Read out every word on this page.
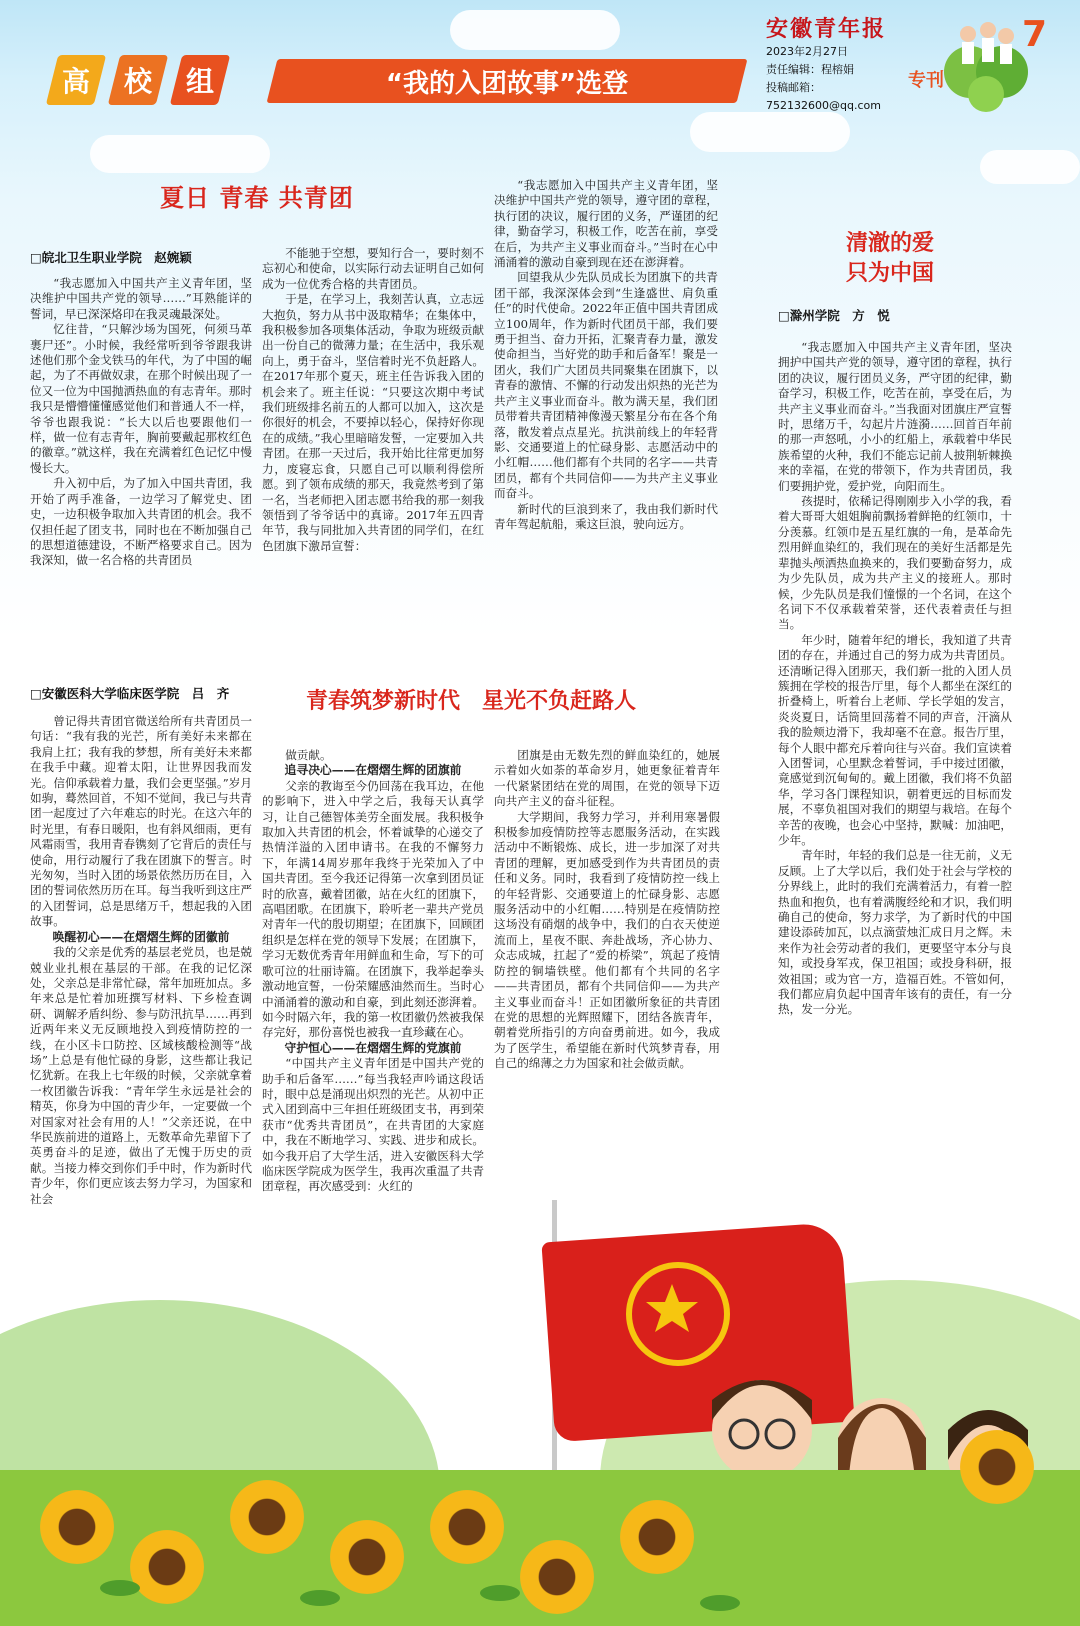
高 校 组	“我的入团故事”选登
安徽青年报
2023年2月27日
责任编辑：程榕娟
投稿邮箱：
752132600@qq.com
7
专刊
夏日 青春 共青团
□皖北卫生职业学院　赵婉颖

“我志愿加入中国共产主义青年团，坚决维护中国共产党的领导……”耳熟能详的誓词，早已深深烙印在我灵魂最深处。

忆往昔，“只解沙场为国死，何须马革裹尸还”。小时候，我经常听到爷爷跟我讲述他们那个金戈铁马的年代，为了中国的崛起，为了不再做奴隶，在那个时候出现了一位又一位为中国抛洒热血的有志青年。那时我只是懵懵懂懂感觉他们和普通人不一样，爷爷也跟我说：“长大以后也要跟他们一样，做一位有志青年，胸前要戴起那枚红色的徽章。”就这样，我在充满着红色记忆中慢慢长大。

升入初中后，为了加入中国共青团，我开始了两手准备，一边学习了解党史、团史，一边积极争取加入共青团的机会。我不仅担任起了团支书，同时也在不断加强自己的思想道德建设，不断严格要求自己。因为我深知，做一名合格的共青团员

不能驰于空想，要知行合一，要时刻不忘初心和使命，以实际行动去证明自己如何成为一位优秀合格的共青团员。

于是，在学习上，我刻苦认真，立志远大抱负，努力从书中汲取精华；在集体中，我积极参加各项集体活动，争取为班级贡献出一份自己的微薄力量；在生活中，我乐观向上，勇于奋斗，坚信着时光不负赶路人。在2017年那个夏天，班主任告诉我入团的机会来了。班主任说：“只要这次期中考试我们班级排名前五的人都可以加入，这次是你很好的机会，不要掉以轻心，保持好你现在的成绩。”我心里暗暗发誓，一定要加入共青团。在那一天过后，我开始比往常更加努力，废寝忘食，只愿自己可以顺利得偿所愿。到了领布成绩的那天，我竟然考到了第一名，当老师把入团志愿书给我的那一刻我领悟到了爷爷话中的真谛。2017年五四青年节，我与同批加入共青团的同学们，在红色团旗下激昂宣誓：

“我志愿加入中国共产主义青年团，坚决维护中国共产党的领导，遵守团的章程，执行团的决议，履行团的义务，严谨团的纪律，勤奋学习，积极工作，吃苦在前，享受在后，为共产主义事业而奋斗。”当时在心中涌涌着的激动自豪到现在还在澎湃着。

回望我从少先队员成长为团旗下的共青团干部，我深深体会到“生逢盛世、肩负重任”的时代使命。2022年正值中国共青团成立100周年，作为新时代团员干部，我们要勇于担当、奋力开拓，汇聚青春力量，激发使命担当，当好党的助手和后备军！聚是一团火，我们广大团员共同聚集在团旗下，以青春的激情、不懈的行动发出炽热的光芒为共产主义事业而奋斗。散为满天星，我们团员带着共青团精神像漫天繁星分布在各个角落，散发着点点星光。抗洪前线上的年轻背影、交通要道上的忙碌身影、志愿活动中的小红帽……他们都有个共同的名字——共青团员，都有个共同信仰——为共产主义事业而奋斗。

新时代的巨浪到来了，我由我们新时代青年驾起航船，乘这巨浪，驶向远方。

清澈的爱
只为中国
□滁州学院　方　悦

“我志愿加入中国共产主义青年团，坚决拥护中国共产党的领导，遵守团的章程，执行团的决议，履行团员义务，严守团的纪律，勤奋学习，积极工作，吃苦在前，享受在后，为共产主义事业而奋斗。”当我面对团旗庄严宣誓时，思绪万千，勾起片片涟漪……回首百年前的那一声怒吼，小小的红船上，承载着中华民族希望的火种，我们不能忘记前人披荆斩棘换来的幸福，在党的带领下，作为共青团员，我们要拥护党，爱护党，向阳而生。

孩提时，依稀记得刚刚步入小学的我，看着大哥哥大姐姐胸前飘扬着鲜艳的红领巾，十分羡慕。红领巾是五星红旗的一角，是革命先烈用鲜血染红的，我们现在的美好生活都是先辈抛头颅洒热血换来的，我们要勤奋努力，成为少先队员，成为共产主义的接班人。那时候，少先队员是我们憧憬的一个名词，在这个名词下不仅承载着荣誉，还代表着责任与担当。

年少时，随着年纪的增长，我知道了共青团的存在，并通过自己的努力成为共青团员。还清晰记得入团那天，我们新一批的入团人员簇拥在学校的报告厅里，每个人都坐在深红的折叠椅上，听着台上老师、学长学姐的发言，炎炎夏日，话筒里回荡着不同的声音，汗滴从我的脸颊边滑下，我却毫不在意。报告厅里，每个人眼中都充斥着向往与兴奋。我们宣读着入团誓词，心里默念着誓词，手中接过团徽，竟感觉到沉甸甸的。戴上团徽，我们将不负韶华，学习各门课程知识，朝着更远的目标而发展，不辜负祖国对我们的期望与栽培。在每个辛苦的夜晚，也会心中坚持，默喊：加油吧，少年。

青年时，年轻的我们总是一往无前，义无反顾。上了大学以后，我们处于社会与学校的分界线上，此时的我们充满着活力，有着一腔热血和抱负，也有着满腹经纶和才识，我们明确自己的使命，努力求学，为了新时代的中国建设添砖加瓦，以点滴萤烛汇成日月之辉。未来作为社会劳动者的我们，更要坚守本分与良知，或投身军戎，保卫祖国；或投身科研，报效祖国；或为官一方，造福百姓。不管如何，我们都应肩负起中国青年该有的责任，有一分热，发一分光。

□安徽医科大学临床医学院　吕　齐	青春筑梦新时代　星光不负赶路人

曾记得共青团官微送给所有共青团员一句话：“我有我的光芒，所有美好未来都在我肩上扛；我有我的梦想，所有美好未来都在我手中藏。迎着太阳，让世界因我而发光。信仰承载着力量，我们会更坚强。”岁月如驹，蓦然回首，不知不觉间，我已与共青团一起度过了六年难忘的时光。在这六年的时光里，有春日暖阳，也有斜风细雨，更有风霜雨雪，我用青春镌刻了它背后的责任与使命，用行动履行了我在团旗下的誓言。时光匆匆，当时入团的场景依然历历在目，入团的誓词依然历历在耳。每当我听到这庄严的入团誓词，总是思绪万千，想起我的入团故事。

唤醒初心——在熠熠生辉的团徽前

我的父亲是优秀的基层老党员，也是兢兢业业扎根在基层的干部。在我的记忆深处，父亲总是非常忙碌，常年加班加点。多年来总是忙着加班撰写材料、下乡检查调研、调解矛盾纠纷、参与防汛抗旱……再到近两年来义无反顾地投入到疫情防控的一线，在小区卡口防控、区域核酸检测等“战场”上总是有他忙碌的身影，这些都让我记忆犹新。在我上七年级的时候，父亲就拿着一枚团徽告诉我：“青年学生永远是社会的精英，你身为中国的青少年，一定要做一个对国家对社会有用的人！”父亲还说，在中华民族前进的道路上，无数革命先辈留下了英勇奋斗的足迹，做出了无愧于历史的贡献。当接力棒交到你们手中时，作为新时代青少年，你们更应该去努力学习，为国家和社会

做贡献。

追寻决心——在熠熠生辉的团旗前

父亲的教诲至今仍回荡在我耳边，在他的影响下，进入中学之后，我每天认真学习，让自己德智体美劳全面发展。我积极争取加入共青团的机会，怀着诚挚的心递交了热情洋溢的入团申请书。在我的不懈努力下，年满14周岁那年我终于光荣加入了中国共青团。至今我还记得第一次拿到团员证时的欣喜，戴着团徽，站在火红的团旗下，高唱团歌。在团旗下，聆听老一辈共产党员对青年一代的殷切期望；在团旗下，回顾团组织是怎样在党的领导下发展；在团旗下，学习无数优秀青年用鲜血和生命，写下的可歌可泣的壮丽诗篇。在团旗下，我举起拳头激动地宣誓，一份荣耀感油然而生。当时心中涌涌着的激动和自豪，到此刻还澎湃着。如今时隔六年，我的第一枚团徽仍然被我保存完好，那份喜悦也被我一直珍藏在心。

守护恒心——在熠熠生辉的党旗前

“中国共产主义青年团是中国共产党的助手和后备军……”每当我轻声吟诵这段话时，眼中总是涌现出炽烈的光芒。从初中正式入团到高中三年担任班级团支书，再到荣获市“优秀共青团员”，在共青团的大家庭中，我在不断地学习、实践、进步和成长。如今我开启了大学生活，进入安徽医科大学临床医学院成为医学生，我再次重温了共青团章程，再次感受到：火红的

团旗是由无数先烈的鲜血染红的，她展示着如火如荼的革命岁月，她更象征着青年一代紧紧团结在党的周围，在党的领导下迈向共产主义的奋斗征程。

大学期间，我努力学习，并利用寒暑假积极参加疫情防控等志愿服务活动，在实践活动中不断锻炼、成长，进一步加深了对共青团的理解，更加感受到作为共青团员的责任和义务。同时，我看到了疫情防控一线上的年轻背影、交通要道上的忙碌身影、志愿服务活动中的小红帽……特别是在疫情防控这场没有硝烟的战争中，我们的白衣天使逆流而上，星夜不眠、奔赴战场，齐心协力、众志成城，扛起了“爱的桥梁”，筑起了疫情防控的铜墙铁壁。他们都有个共同的名字——共青团员，都有个共同信仰——为共产主义事业而奋斗！正如团徽所象征的共青团在党的思想的光辉照耀下，团结各族青年，朝着党所指引的方向奋勇前进。如今，我成为了医学生，希望能在新时代筑梦青春，用自己的绵薄之力为国家和社会做贡献。
